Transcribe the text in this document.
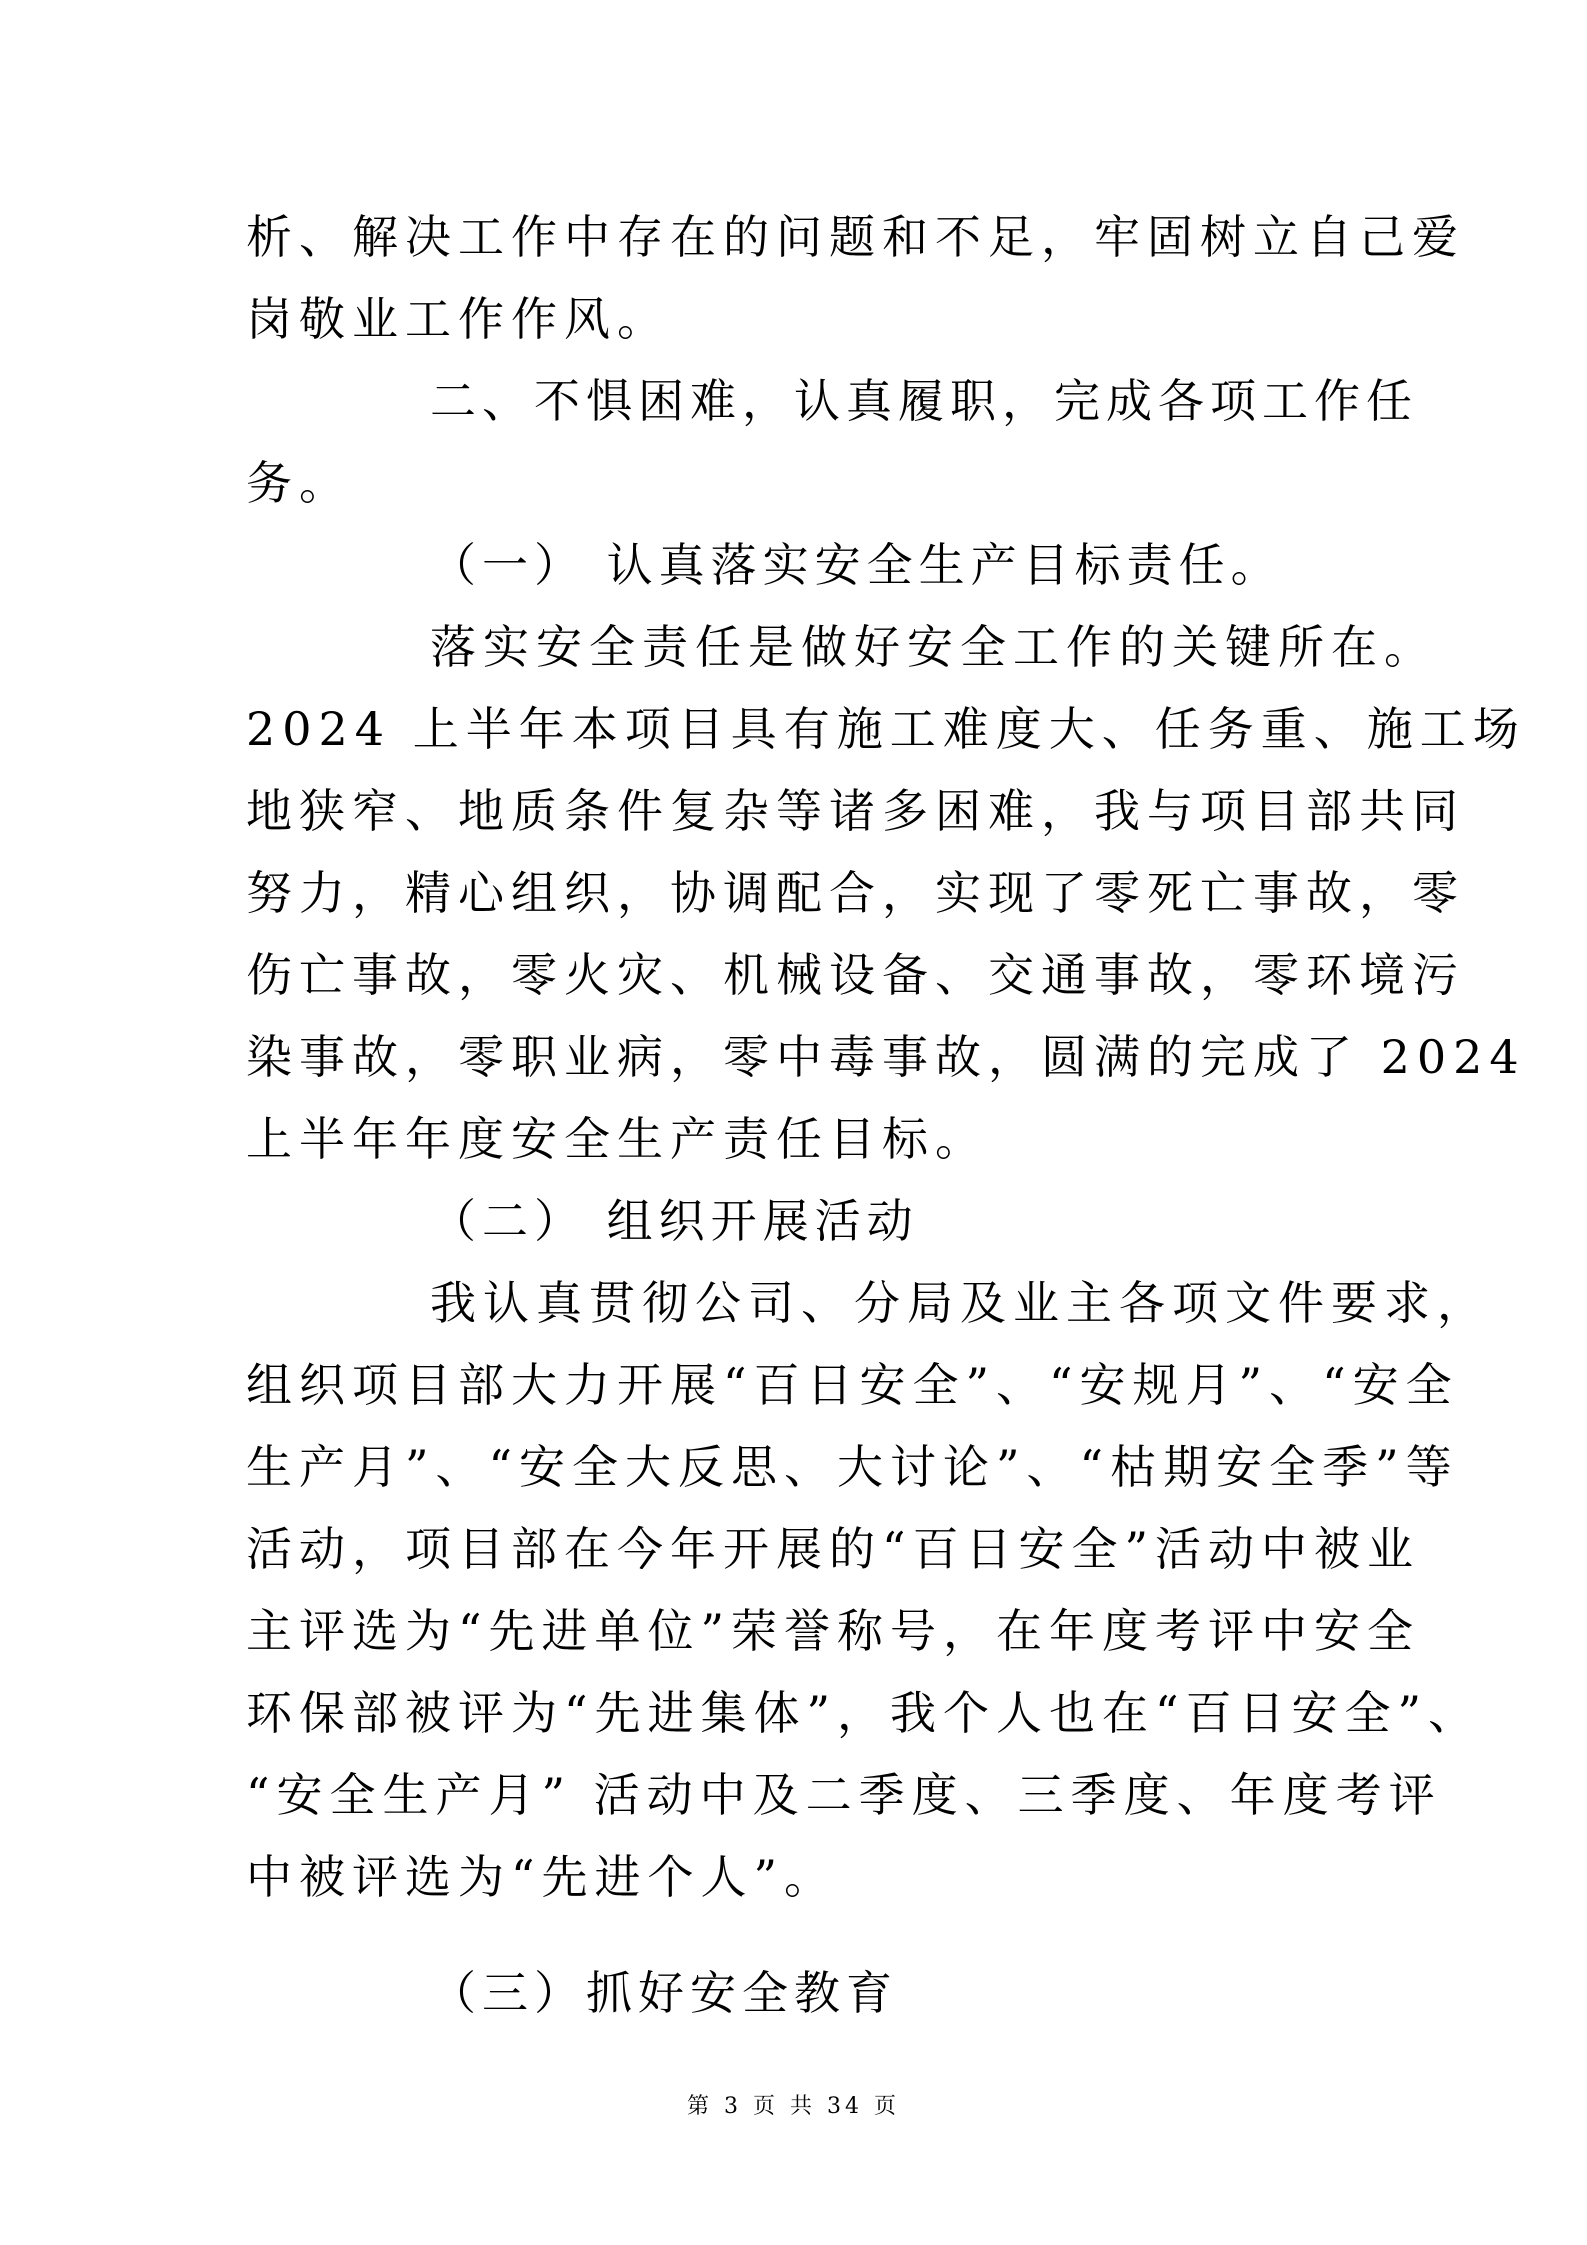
析、解决工作中存在的问题和不足，牢固树立自己爱
岗敬业工作作风。
二、不惧困难，认真履职，完成各项工作任
务。
（一） 认真落实安全生产目标责任。
落实安全责任是做好安全工作的关键所在。
2024 上半年本项目具有施工难度大、任务重、施工场
地狭窄、地质条件复杂等诸多困难，我与项目部共同
努力，精心组织，协调配合，实现了零死亡事故，零
伤亡事故，零火灾、机械设备、交通事故，零环境污
染事故，零职业病，零中毒事故，圆满的完成了 2024
上半年年度安全生产责任目标。
（二） 组织开展活动
我认真贯彻公司、分局及业主各项文件要求，
组织项目部大力开展“百日安全”、“安规月”、“安全
生产月”、“安全大反思、大讨论”、“枯期安全季”等
活动，项目部在今年开展的“百日安全”活动中被业
主评选为“先进单位”荣誉称号，在年度考评中安全
环保部被评为“先进集体”，我个人也在“百日安全”、
“安全生产月” 活动中及二季度、三季度、年度考评
中被评选为“先进个人”。
（三）抓好安全教育
第 3 页 共 34 页
